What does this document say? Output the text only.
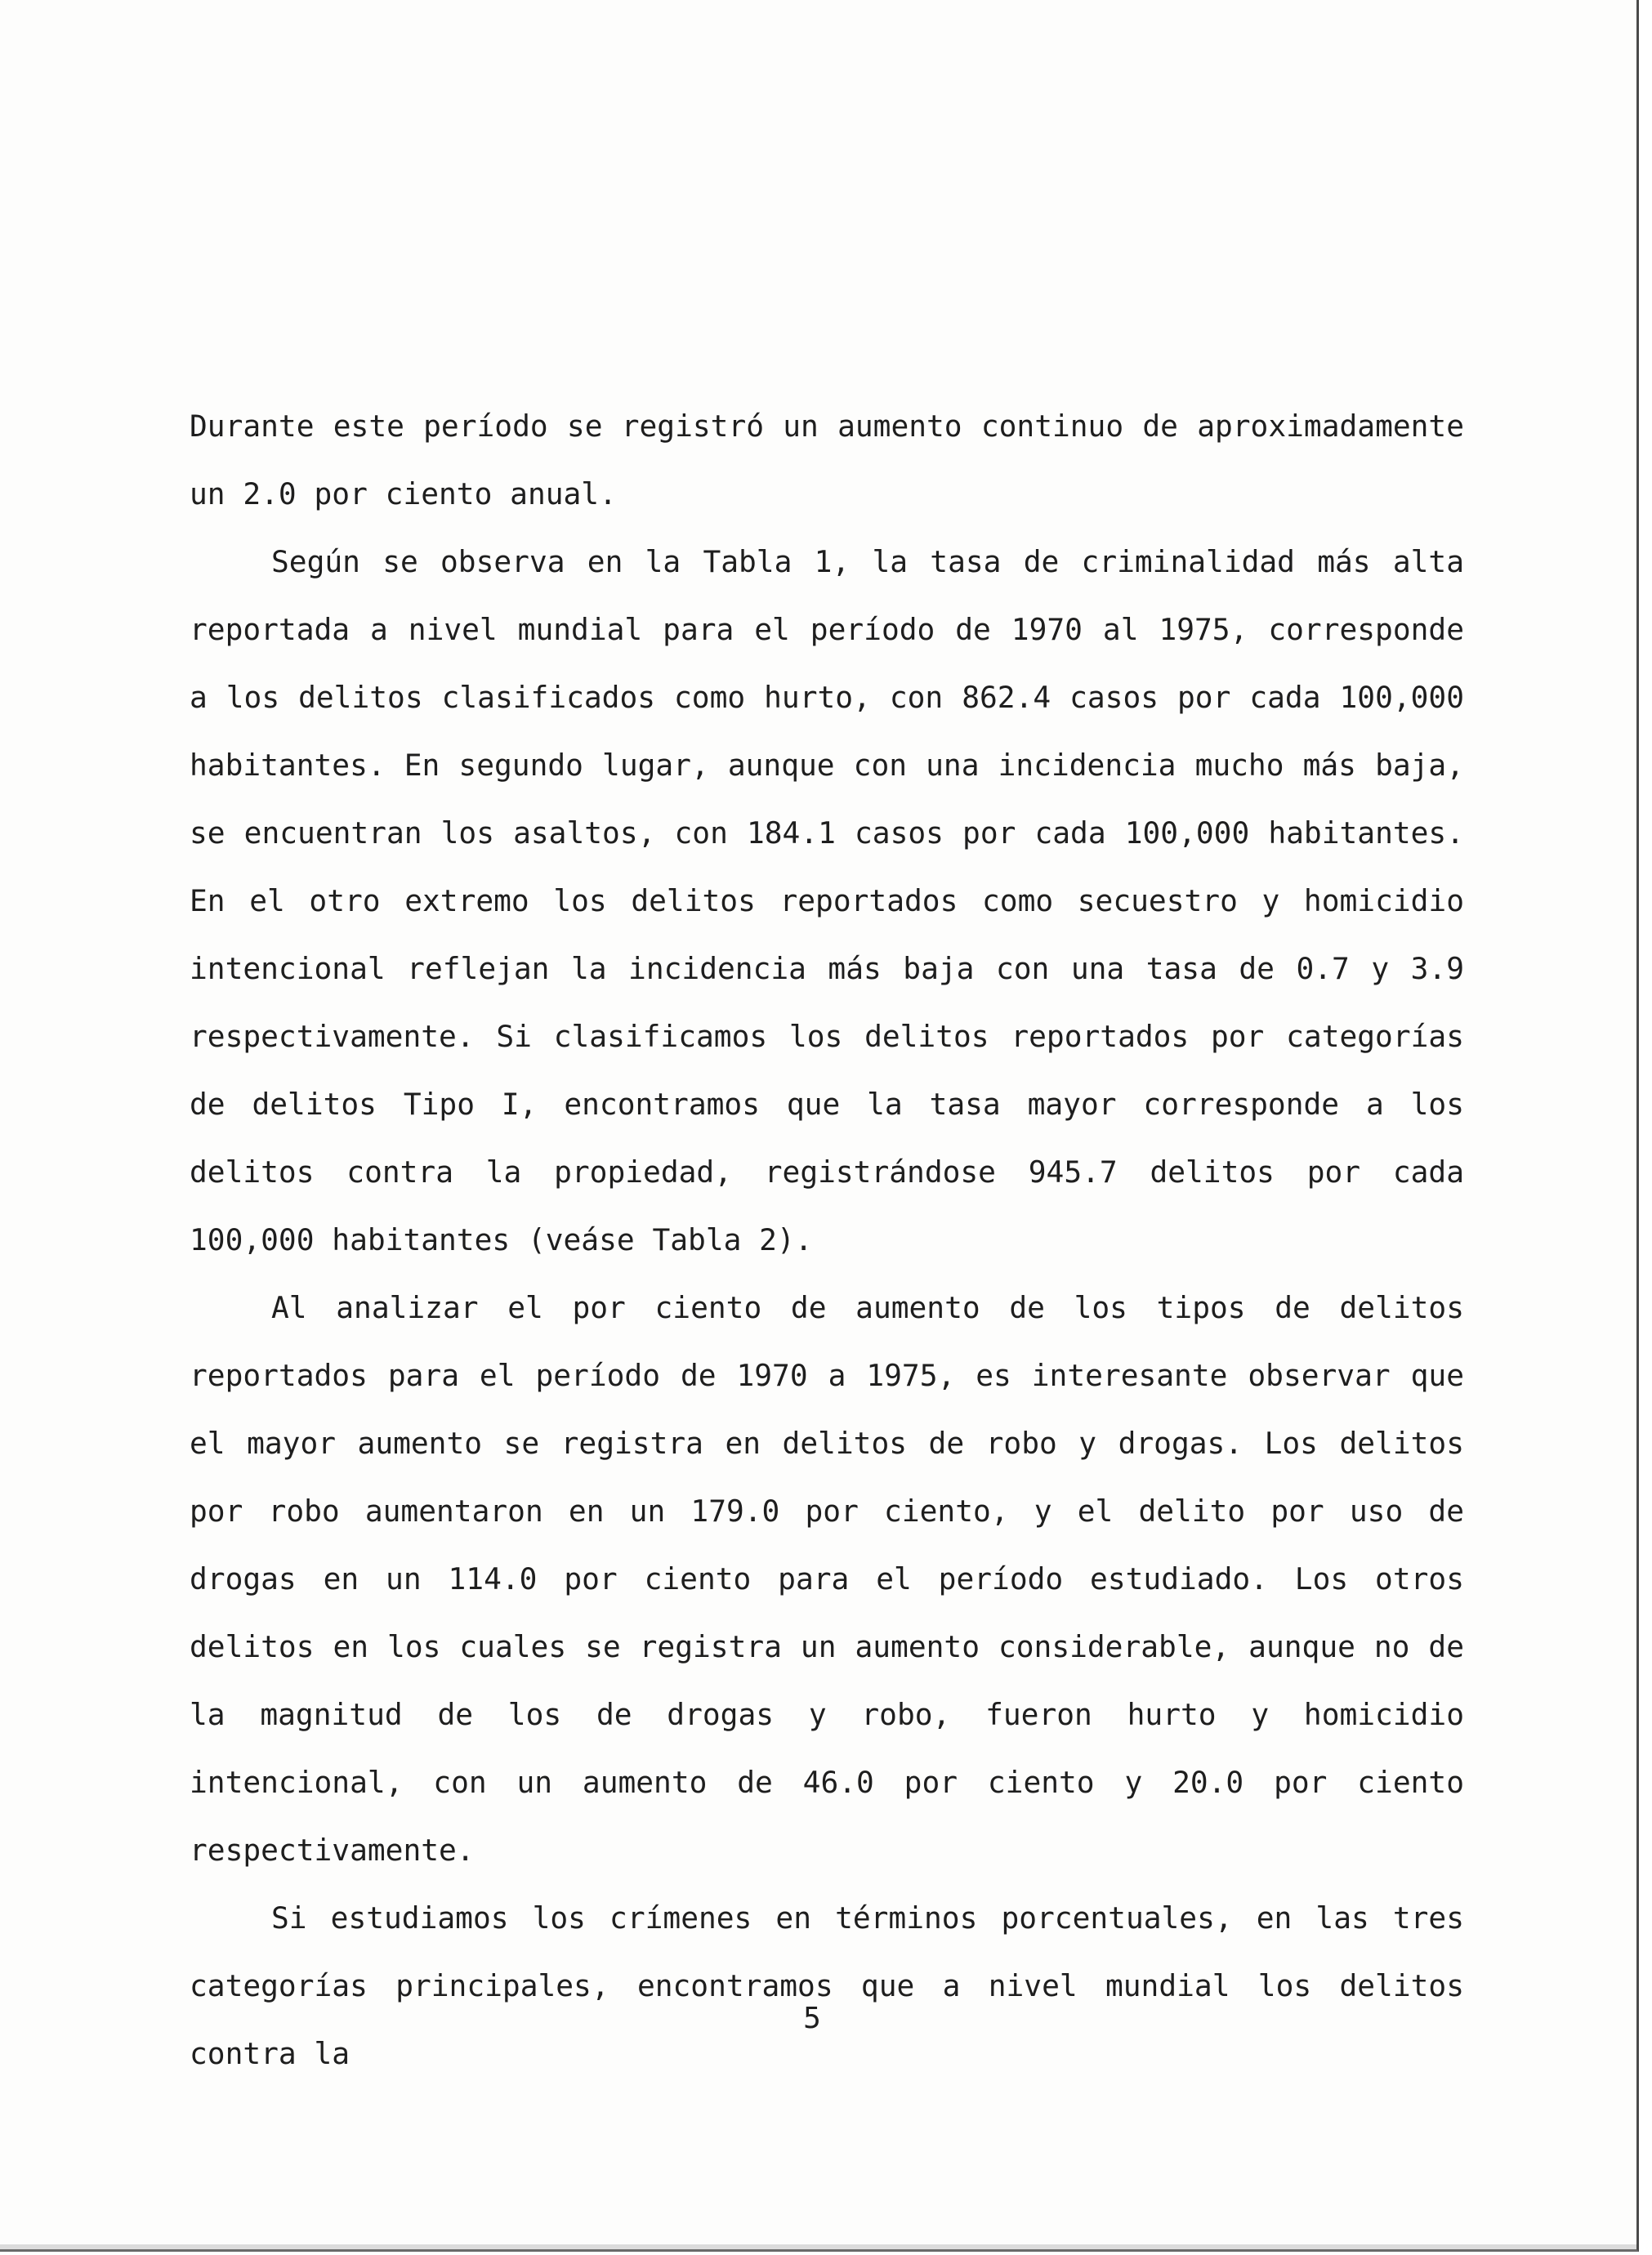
Durante este período se registró un aumento continuo de aproximadamente un 2.0 por ciento anual.

Según se observa en la Tabla 1, la tasa de criminalidad más alta reportada a nivel mundial para el período de 1970 al 1975, corresponde a los delitos clasificados como hurto, con 862.4 casos por cada 100,000 habitantes. En segundo lugar, aunque con una incidencia mucho más baja, se encuentran los asaltos, con 184.1 casos por cada 100,000 habitantes. En el otro extremo los delitos reportados como secuestro y homicidio intencional reflejan la incidencia más baja con una tasa de 0.7 y 3.9 respectivamente. Si clasificamos los delitos reportados por categorías de delitos Tipo I, encontramos que la tasa mayor corresponde a los delitos contra la propiedad, registrándose 945.7 delitos por cada 100,000 habitantes (veáse Tabla 2).

Al analizar el por ciento de aumento de los tipos de delitos reportados para el período de 1970 a 1975, es interesante observar que el mayor aumento se registra en delitos de robo y drogas. Los delitos por robo aumentaron en un 179.0 por ciento, y el delito por uso de drogas en un 114.0 por ciento para el período estudiado. Los otros delitos en los cuales se registra un aumento considerable, aunque no de la magnitud de los de drogas y robo, fueron hurto y homicidio intencional, con un aumento de 46.0 por ciento y 20.0 por ciento respectivamente.

Si estudiamos los crímenes en términos porcentuales, en las tres categorías principales, encontramos que a nivel mundial los delitos contra la

5
